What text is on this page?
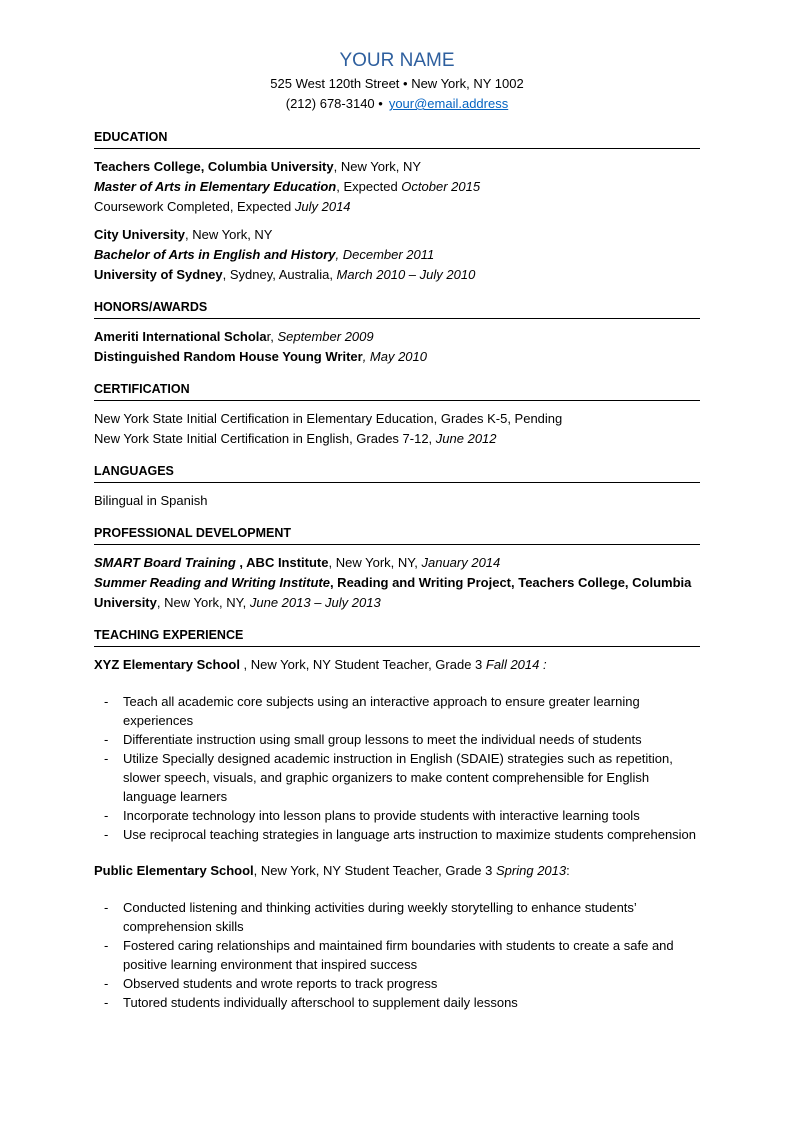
YOUR NAME
525 West 120th Street • New York, NY 1002
(212) 678-3140 • your@email.address
EDUCATION
Teachers College, Columbia University, New York, NY
Master of Arts in Elementary Education, Expected October 2015
Coursework Completed, Expected July 2014
City University, New York, NY
Bachelor of Arts in English and History, December 2011
University of Sydney, Sydney, Australia, March 2010 – July 2010
HONORS/AWARDS
Ameriti International Scholar, September 2009
Distinguished Random House Young Writer, May 2010
CERTIFICATION
New York State Initial Certification in Elementary Education, Grades K-5, Pending
New York State Initial Certification in English, Grades 7-12, June 2012
LANGUAGES
Bilingual in Spanish
PROFESSIONAL DEVELOPMENT
SMART Board Training , ABC Institute, New York, NY, January 2014
Summer Reading and Writing Institute, Reading and Writing Project, Teachers College, Columbia University, New York, NY, June 2013 – July 2013
TEACHING EXPERIENCE
XYZ Elementary School , New York, NY Student Teacher, Grade 3 Fall 2014 :
- Teach all academic core subjects using an interactive approach to ensure greater learning experiences
- Differentiate instruction using small group lessons to meet the individual needs of students
- Utilize Specially designed academic instruction in English (SDAIE) strategies such as repetition, slower speech, visuals, and graphic organizers to make content comprehensible for English language learners
- Incorporate technology into lesson plans to provide students with interactive learning tools
- Use reciprocal teaching strategies in language arts instruction to maximize students comprehension
Public Elementary School, New York, NY Student Teacher, Grade 3 Spring 2013:
- Conducted listening and thinking activities during weekly storytelling to enhance students’ comprehension skills
- Fostered caring relationships and maintained firm boundaries with students to create a safe and positive learning environment that inspired success
- Observed students and wrote reports to track progress
- Tutored students individually afterschool to supplement daily lessons
